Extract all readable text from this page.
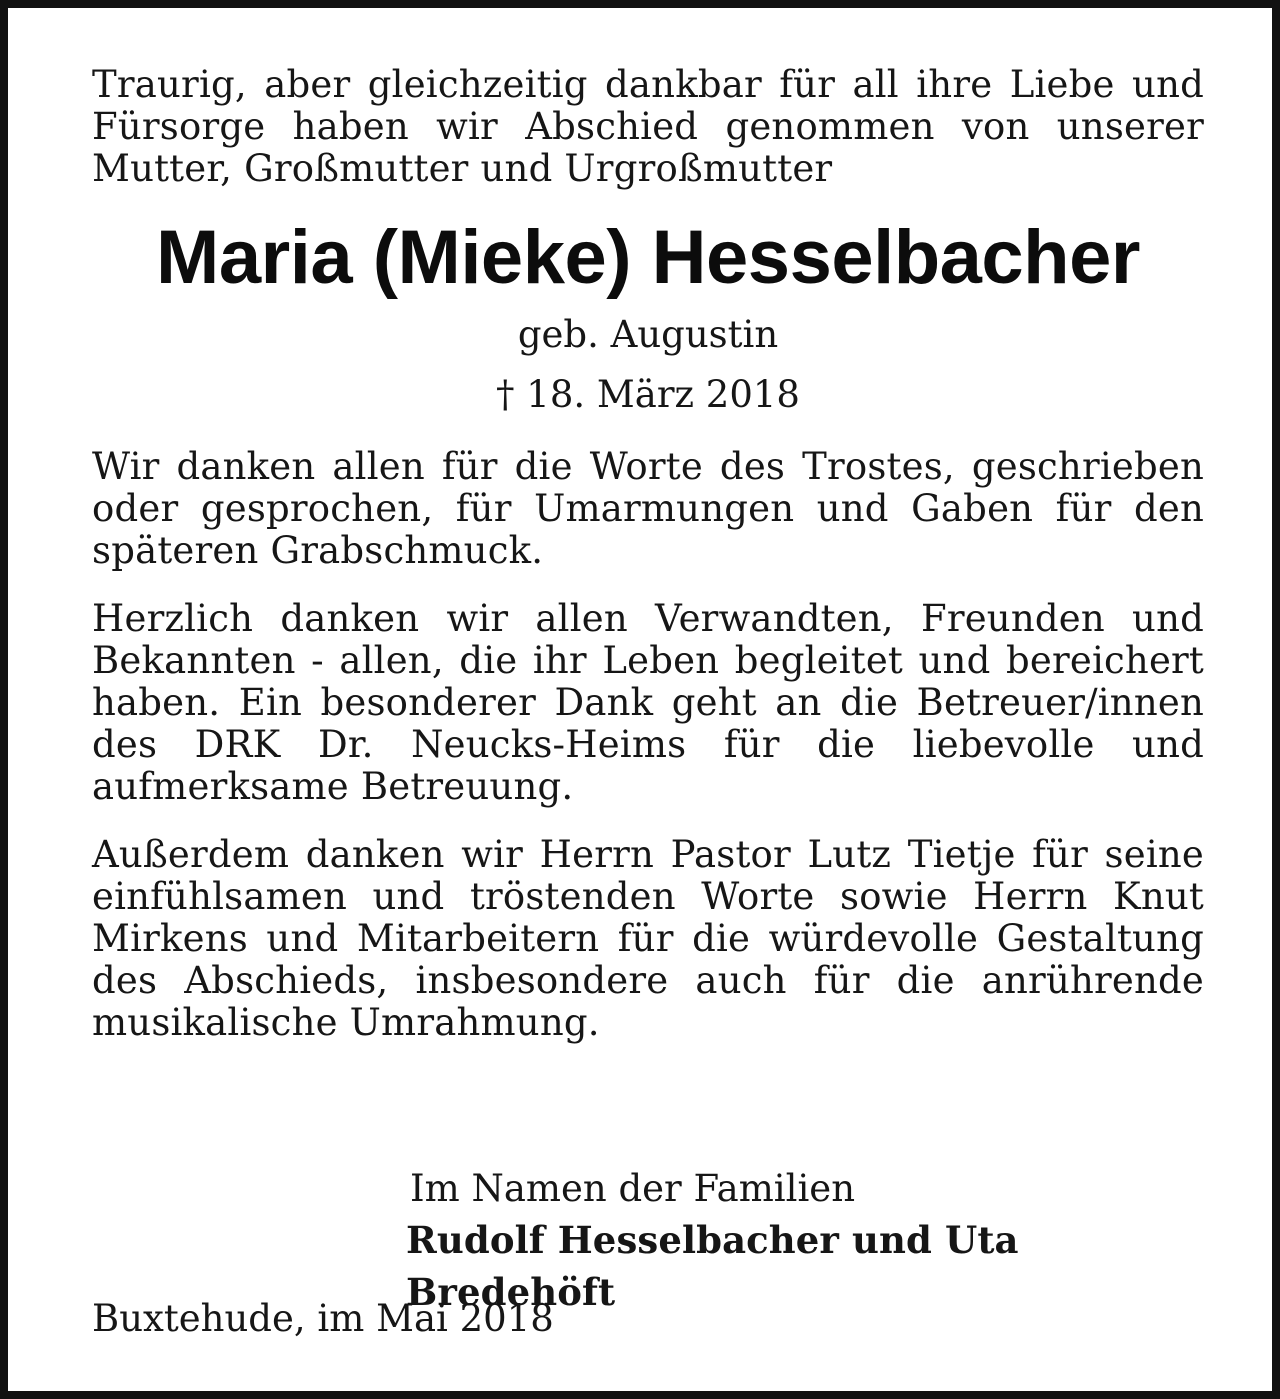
Traurig, aber gleichzeitig dankbar für all ihre Liebe und Fürsorge haben wir Abschied genommen von unserer Mutter, Großmutter und Urgroßmutter

Maria (Mieke) Hesselbacher
geb. Augustin
† 18. März 2018

Wir danken allen für die Worte des Trostes, geschrieben oder gesprochen, für Umarmungen und Gaben für den späteren Grabschmuck.

Herzlich danken wir allen Verwandten, Freunden und Bekannten - allen, die ihr Leben begleitet und bereichert haben. Ein besonderer Dank geht an die Betreuer/innen des DRK Dr. Neucks-Heims für die liebevolle und aufmerksame Betreuung.

Außerdem danken wir Herrn Pastor Lutz Tietje für seine einfühlsamen und tröstenden Worte sowie Herrn Knut Mirkens und Mitarbeitern für die würdevolle Gestaltung des Abschieds, insbesondere auch für die anrührende musikalische Umrahmung.

Im Namen der Familien

Rudolf Hesselbacher und Uta Bredehöft

Buxtehude, im Mai 2018
